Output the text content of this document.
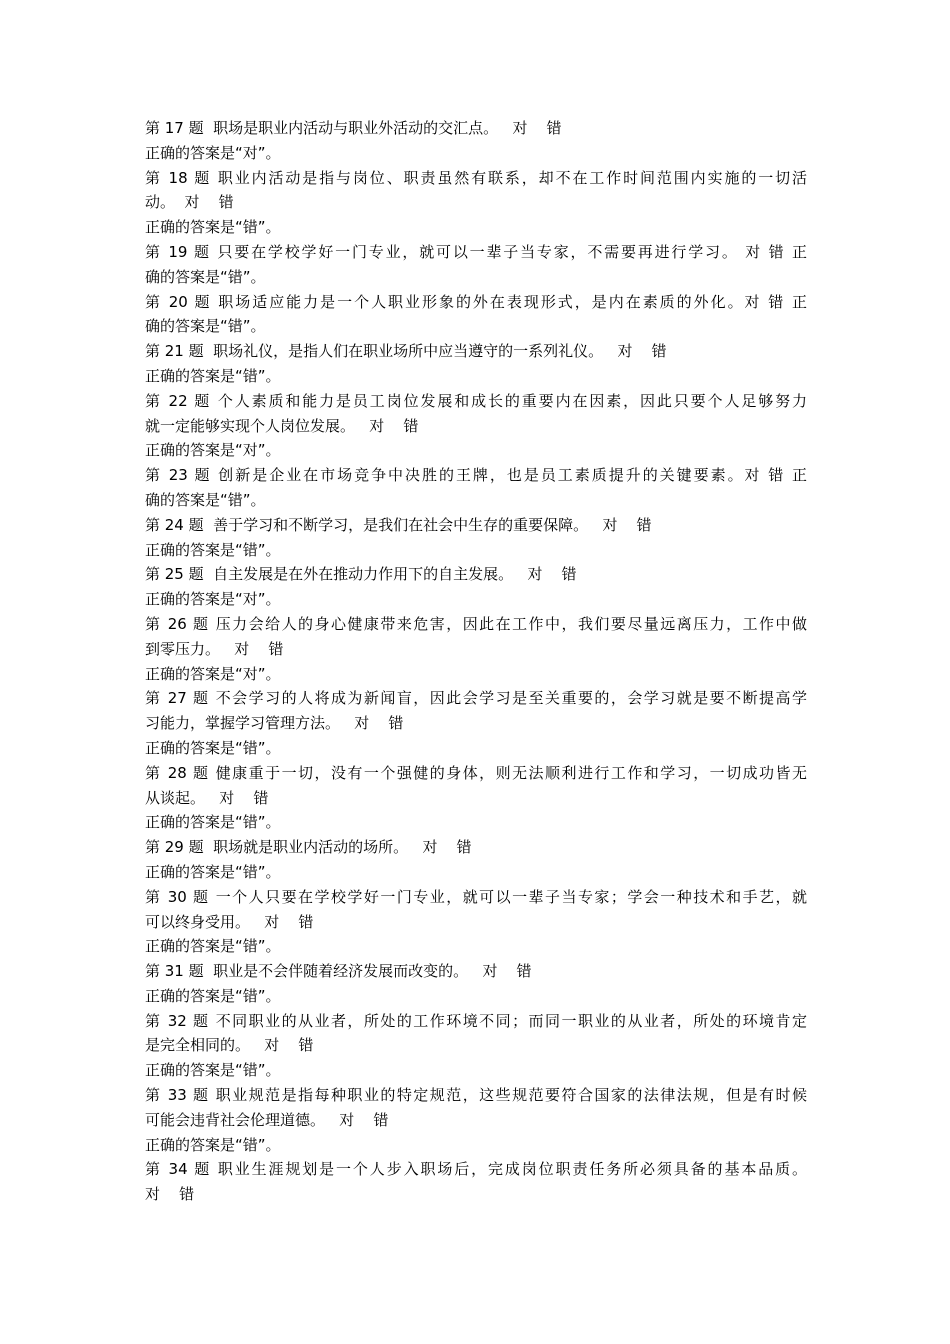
第 17 题  职场是职业内活动与职业外活动的交汇点。   对    错
正确的答案是“对”。
第 18 题 职业内活动是指与岗位、职责虽然有联系，却不在工作时间范围内实施的一切活
动。  对    错
正确的答案是“错”。
第 19 题 只要在学校学好一门专业，就可以一辈子当专家，不需要再进行学习。 对 错 正
确的答案是“错”。
第 20 题 职场适应能力是一个人职业形象的外在表现形式，是内在素质的外化。对 错 正
确的答案是“错”。
第 21 题  职场礼仪，是指人们在职业场所中应当遵守的一系列礼仪。   对    错
正确的答案是“错”。
第 22 题 个人素质和能力是员工岗位发展和成长的重要内在因素，因此只要个人足够努力
就一定能够实现个人岗位发展。   对    错
正确的答案是“对”。
第 23 题 创新是企业在市场竞争中决胜的王牌，也是员工素质提升的关键要素。对 错 正
确的答案是“错”。
第 24 题  善于学习和不断学习，是我们在社会中生存的重要保障。   对    错
正确的答案是“错”。
第 25 题  自主发展是在外在推动力作用下的自主发展。   对    错
正确的答案是“对”。
第 26 题 压力会给人的身心健康带来危害，因此在工作中，我们要尽量远离压力，工作中做
到零压力。   对    错
正确的答案是“对”。
第 27 题 不会学习的人将成为新闻盲，因此会学习是至关重要的，会学习就是要不断提高学
习能力，掌握学习管理方法。   对    错
正确的答案是“错”。
第 28 题 健康重于一切，没有一个强健的身体，则无法顺利进行工作和学习，一切成功皆无
从谈起。   对    错
正确的答案是“错”。
第 29 题  职场就是职业内活动的场所。   对    错
正确的答案是“错”。
第 30 题 一个人只要在学校学好一门专业，就可以一辈子当专家；学会一种技术和手艺，就
可以终身受用。   对    错
正确的答案是“错”。
第 31 题  职业是不会伴随着经济发展而改变的。   对    错
正确的答案是“错”。
第 32 题 不同职业的从业者，所处的工作环境不同；而同一职业的从业者，所处的环境肯定
是完全相同的。   对    错
正确的答案是“错”。
第 33 题 职业规范是指每种职业的特定规范，这些规范要符合国家的法律法规，但是有时候
可能会违背社会伦理道德。   对    错
正确的答案是“错”。
第 34 题 职业生涯规划是一个人步入职场后，完成岗位职责任务所必须具备的基本品质。
对    错
